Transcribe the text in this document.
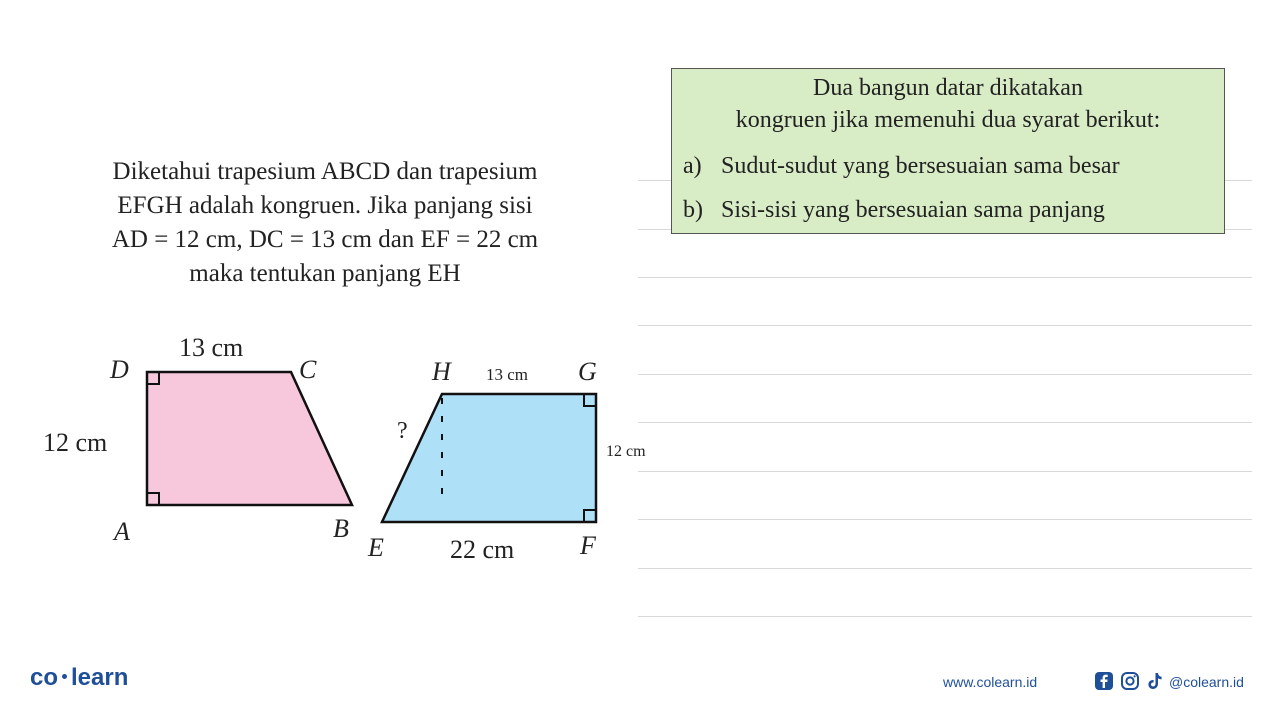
Diketahui trapesium ABCD dan trapesium
EFGH adalah kongruen. Jika panjang sisi
AD = 12 cm, DC = 13 cm dan EF = 22 cm
maka tentukan panjang EH
Dua bangun datar dikatakan
kongruen jika memenuhi dua syarat berikut:
a) Sudut-sudut yang bersesuaian sama besar
b) Sisi-sisi yang bersesuaian sama panjang
D	C
A	B
13 cm
12 cm
H	G
E	F
22 cm
13 cm
12 cm
?
co learn	www.colearn.id	@colearn.id
